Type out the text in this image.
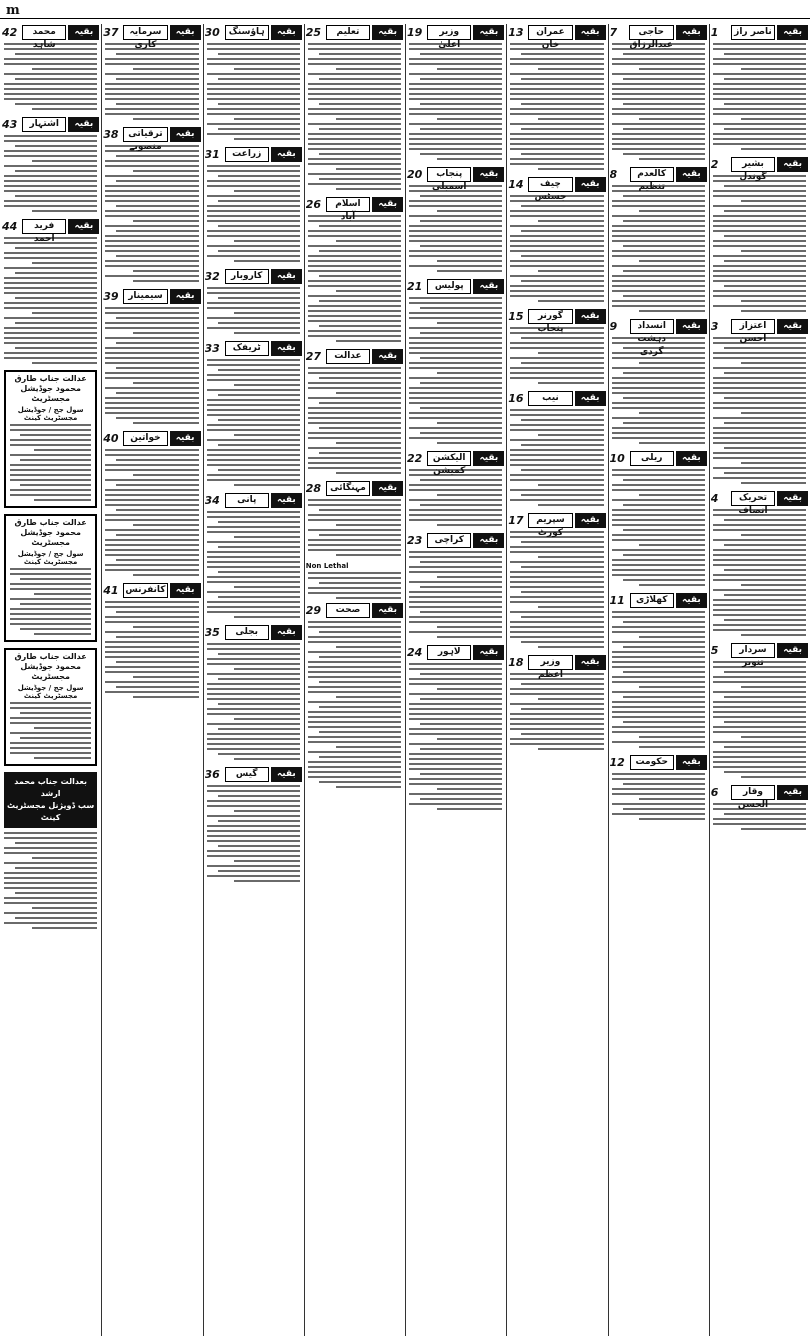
m
1	ناصر راز	بقیہ
2	بشیر گوندل
بقیہ
3	اعتزاز احسن
بقیہ
4	تحریک انصاف
بقیہ
5	سردار تنویر
بقیہ
6	وقار الحسن
بقیہ
7	حاجی عبدالرزاق
بقیہ
8	کالعدم تنظیم
بقیہ
9	انسداد دہشت گردی
بقیہ
10	ریلی	بقیہ
11	کھلاڑی	بقیہ
12	حکومت	بقیہ
13	عمران خان
بقیہ
14	چیف جسٹس
بقیہ
15	گورنر پنجاب
بقیہ
16	نیب	بقیہ
17	سپریم کورٹ
بقیہ
18	وزیر اعظم
بقیہ
19	وزیر اعلیٰ
بقیہ
20	پنجاب اسمبلی
بقیہ
21	پولیس	بقیہ
22	الیکشن کمیشن
بقیہ
23	کراچی	بقیہ
24	لاہور	بقیہ
25	تعلیم	بقیہ
26	اسلام آباد
بقیہ
27	عدالت	بقیہ
28	مہنگائی	بقیہ
Non Lethal
29	صحت	بقیہ
30 ہاؤسنگ	بقیہ
31	زراعت	بقیہ
32	کاروبار	بقیہ
33	ٹریفک	بقیہ
34	پانی	بقیہ
35	بجلی	بقیہ
36	گیس	بقیہ
37	سرمایہ کاری
بقیہ
38	ترقیاتی منصوبے
بقیہ
39	سیمینار	بقیہ
40	خواتین	بقیہ
41 کانفرنس	بقیہ
42	محمد شاہد
بقیہ
43	اشتہار	بقیہ
44	فرید احمد
بقیہ
عدالت جناب طارق محمود جوڈیشل مجسٹریٹ
سول جج / جوڈیشل مجسٹریٹ کینٹ
عدالت جناب طارق محمود جوڈیشل مجسٹریٹ
سول جج / جوڈیشل مجسٹریٹ کینٹ
عدالت جناب طارق محمود جوڈیشل مجسٹریٹ
سول جج / جوڈیشل مجسٹریٹ کینٹ
بعدالت جناب محمد ارشد
سب ڈویژنل مجسٹریٹ کینٹ
